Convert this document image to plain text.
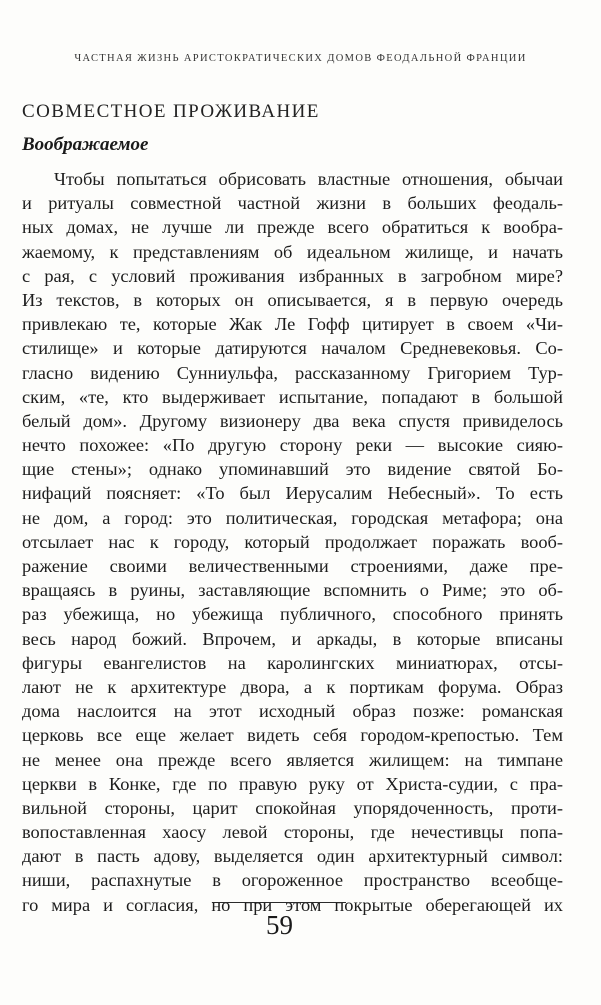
ЧАСТНАЯ ЖИЗНЬ АРИСТОКРАТИЧЕСКИХ ДОМОВ ФЕОДАЛЬНОЙ ФРАНЦИИ
СОВМЕСТНОЕ ПРОЖИВАНИЕ
Воображаемое
Чтобы попытаться обрисовать властные отношения, обычаи
и ритуалы совместной частной жизни в больших феодаль-
ных домах, не лучше ли прежде всего обратиться к вообра-
жаемому, к представлениям об идеальном жилище, и начать
с рая, с условий проживания избранных в загробном мире?
Из текстов, в которых он описывается, я в первую очередь
привлекаю те, которые Жак Ле Гофф цитирует в своем «Чи-
стилище» и которые датируются началом Средневековья. Со-
гласно видению Сунниульфа, рассказанному Григорием Тур-
ским, «те, кто выдерживает испытание, попадают в большой
белый дом». Другому визионеру два века спустя привиделось
нечто похожее: «По другую сторону реки — высокие сияю-
щие стены»; однако упоминавший это видение святой Бо-
нифаций поясняет: «То был Иерусалим Небесный». То есть
не дом, а город: это политическая, городская метафора; она
отсылает нас к городу, который продолжает поражать вооб-
ражение своими величественными строениями, даже пре-
вращаясь в руины, заставляющие вспомнить о Риме; это об-
раз убежища, но убежища публичного, способного принять
весь народ божий. Впрочем, и аркады, в которые вписаны
фигуры евангелистов на каролингских миниатюрах, отсы-
лают не к архитектуре двора, а к портикам форума. Образ
дома наслоится на этот исходный образ позже: романская
церковь все еще желает видеть себя городом-крепостью. Тем
не менее она прежде всего является жилищем: на тимпане
церкви в Конке, где по правую руку от Христа-судии, с пра-
вильной стороны, царит спокойная упорядоченность, проти-
вопоставленная хаосу левой стороны, где нечестивцы попа-
дают в пасть адову, выделяется один архитектурный символ:
ниши, распахнутые в огороженное пространство всеобще-
го мира и согласия, но при этом покрытые оберегающей их
59
